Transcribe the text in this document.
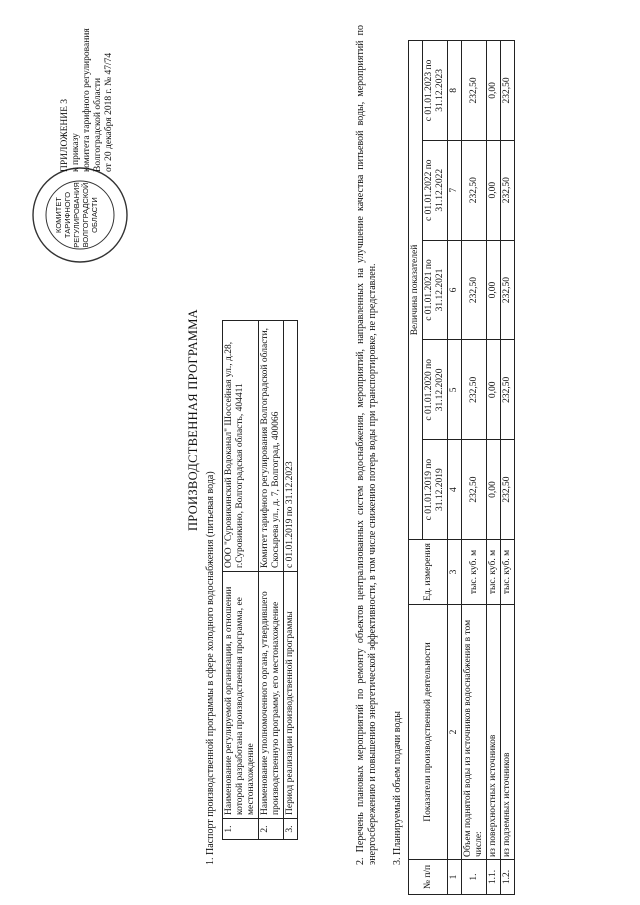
КОМИТЕТ ТАРИФНОГО РЕГУЛИРОВАНИЯ ВОЛГОГРАДСКОЙ ОБЛАСТИ
ПРИЛОЖЕНИЕ 3 к приказу комитета тарифного регулирования Волгоградской области от 20 декабря 2018 г. № 47/74
ПРОИЗВОДСТВЕННАЯ ПРОГРАММА
1. Паспорт производственной программы в сфере холодного водоснабжения (питьевая вода) 1.	Наименование регулируемой организации, в отношении которой разработана производственная программа, ее местонахождение	ООО "Суровикинский Водоканал" Шоссейная ул., д.28, г.Суровикино, Волгоградская область, 404411
2.	Наименование уполномоченного органа, утвердившего производственную программу, его местонахождение	Комитет тарифного регулирования Волгоградской области, Скосырева ул., д. 7, Волгоград, 400066
3.	Период реализации производственной программы	с 01.01.2019 по 31.12.2023	2. Перечень плановых мероприятий по ремонту объектов централизованных систем водоснабжения, мероприятий, направленных на улучшение качества питьевой воды, мероприятий по энергосбережению и повышению энергетической эффективности, в том числе снижению потерь воды при транспортировке, не представлен. 3. Планируемый объем подачи воды
№ п/п	Показатели производственной деятельности	Ед. измерения	Величина показателей				
			с 01.01.2019 по 31.12.2019	с 01.01.2020 по 31.12.2020	с 01.01.2021 по 31.12.2021	с 01.01.2022 по 31.12.2022	с 01.01.2023 по 31.12.2023
1	2	3	4	5	6	7	8
1.	Объем поднятой воды из источников водоснабжения в том числе:	тыс. куб. м	232,50	232,50	232,50	232,50	232,50
1.1.	из поверхностных источников	тыс. куб. м	0,00	0,00	0,00	0,00	0,00
1.2.	из подземных источников	тыс. куб. м	232,50	232,50	232,50	232,50	232,50
